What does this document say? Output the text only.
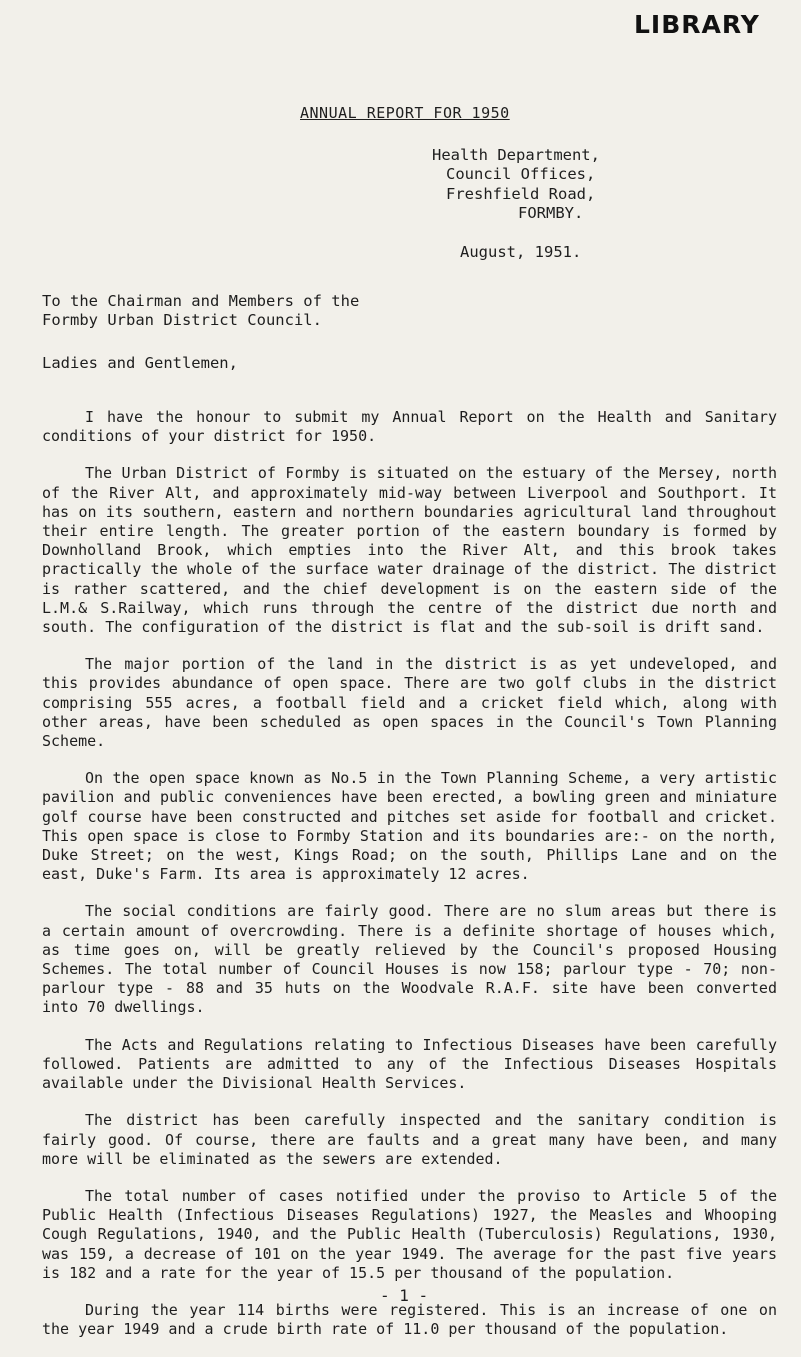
LIBRARY
ANNUAL REPORT FOR 1950
Health Department,
Council Offices,
Freshfield Road,
FORMBY.
August, 1951.
To the Chairman and Members of the
Formby Urban District Council.
Ladies and Gentlemen,

I have the honour to submit my Annual Report on the Health and Sanitary conditions of your district for 1950.

The Urban District of Formby is situated on the estuary of the Mersey, north of the River Alt, and approximately mid-way between Liverpool and Southport. It has on its southern, eastern and northern boundaries agricultural land throughout their entire length. The greater portion of the eastern boundary is formed by Downholland Brook, which empties into the River Alt, and this brook takes practically the whole of the surface water drainage of the district. The district is rather scattered, and the chief development is on the eastern side of the L.M.& S.Railway, which runs through the centre of the district due north and south. The configuration of the district is flat and the sub-soil is drift sand.

The major portion of the land in the district is as yet undeveloped, and this provides abundance of open space. There are two golf clubs in the district comprising 555 acres, a football field and a cricket field which, along with other areas, have been scheduled as open spaces in the Council's Town Planning Scheme.

On the open space known as No.5 in the Town Planning Scheme, a very artistic pavilion and public conveniences have been erected, a bowling green and miniature golf course have been constructed and pitches set aside for football and cricket. This open space is close to Formby Station and its boundaries are:- on the north, Duke Street; on the west, Kings Road; on the south, Phillips Lane and on the east, Duke's Farm. Its area is approximately 12 acres.

The social conditions are fairly good. There are no slum areas but there is a certain amount of overcrowding. There is a definite shortage of houses which, as time goes on, will be greatly relieved by the Council's proposed Housing Schemes. The total number of Council Houses is now 158; parlour type - 70; non-parlour type - 88 and 35 huts on the Woodvale R.A.F. site have been converted into 70 dwellings.

The Acts and Regulations relating to Infectious Diseases have been carefully followed. Patients are admitted to any of the Infectious Diseases Hospitals available under the Divisional Health Services.

The district has been carefully inspected and the sanitary condition is fairly good. Of course, there are faults and a great many have been, and many more will be eliminated as the sewers are extended.

The total number of cases notified under the proviso to Article 5 of the Public Health (Infectious Diseases Regulations) 1927, the Measles and Whooping Cough Regulations, 1940, and the Public Health (Tuberculosis) Regulations, 1930, was 159, a decrease of 101 on the year 1949. The average for the past five years is 182 and a rate for the year of 15.5 per thousand of the population.

During the year 114 births were registered. This is an increase of one on the year 1949 and a crude birth rate of 11.0 per thousand of the population.

- 1 -
